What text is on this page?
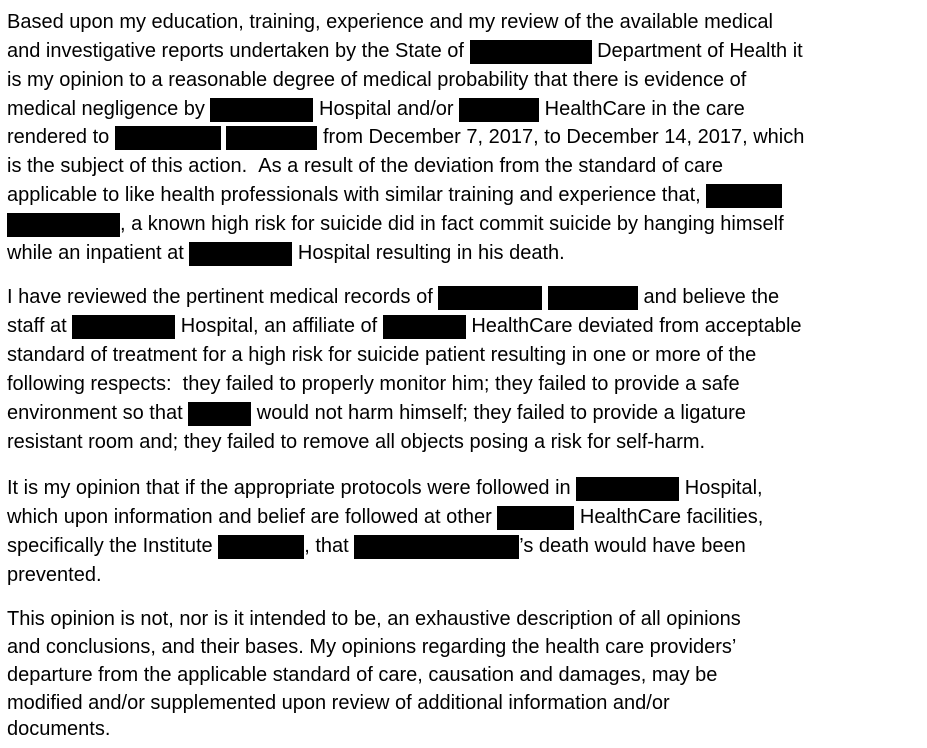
Based upon my education, training, experience and my review of the available medical
and investigative reports undertaken by the State of	Department of Health it
is my opinion to a reasonable degree of medical probability that there is evidence of
medical negligence by	Hospital and/or	HealthCare in the care
rendered to	from December 7, 2017, to December 14, 2017, which
is the subject of this action.  As a result of the deviation from the standard of care
applicable to like health professionals with similar training and experience that,
, a known high risk for suicide did in fact commit suicide by hanging himself
while an inpatient at	Hospital resulting in his death.
I have reviewed the pertinent medical records of	and believe the
staff at	Hospital, an affiliate of	HealthCare deviated from acceptable
standard of treatment for a high risk for suicide patient resulting in one or more of the
following respects:  they failed to properly monitor him; they failed to provide a safe
environment so that	would not harm himself; they failed to provide a ligature
resistant room and; they failed to remove all objects posing a risk for self-harm.
It is my opinion that if the appropriate protocols were followed in	Hospital,
which upon information and belief are followed at other	HealthCare facilities,
specifically the Institute	, that	’s death would have been
prevented.
This opinion is not, nor is it intended to be, an exhaustive description of all opinions
and conclusions, and their bases. My opinions regarding the health care providers’
departure from the applicable standard of care, causation and damages, may be
modified and/or supplemented upon review of additional information and/or
documents.
